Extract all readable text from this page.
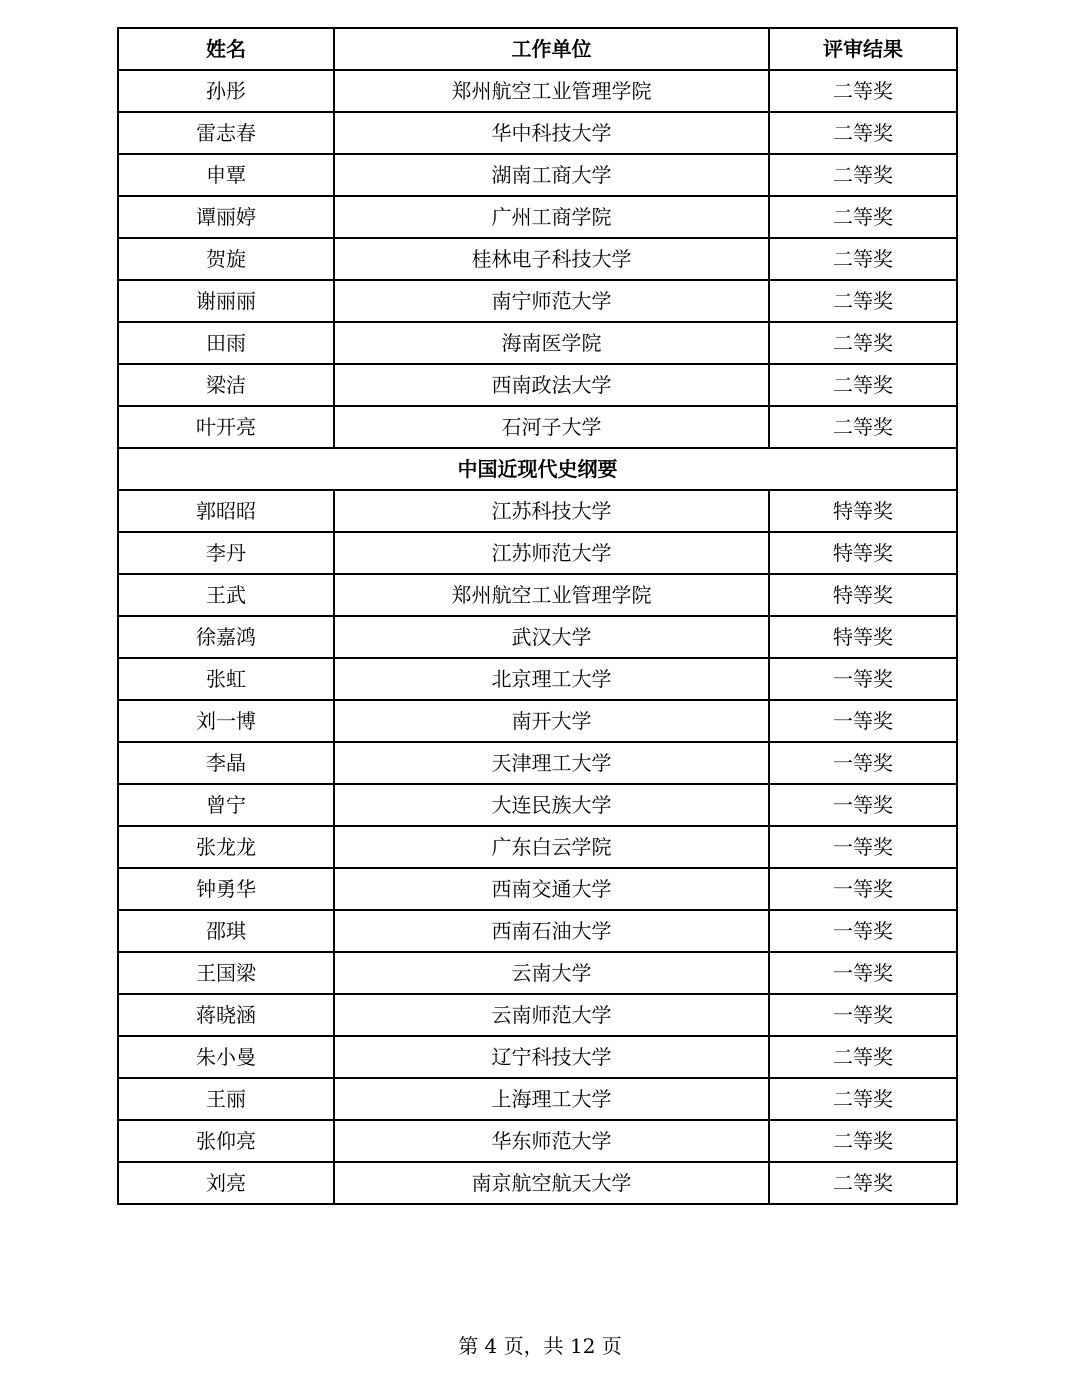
姓名	工作单位	评审结果
孙彤	郑州航空工业管理学院	二等奖
雷志春	华中科技大学	二等奖
申覃	湖南工商大学	二等奖
谭丽婷	广州工商学院	二等奖
贺旋	桂林电子科技大学	二等奖
谢丽丽	南宁师范大学	二等奖
田雨	海南医学院	二等奖
梁洁	西南政法大学	二等奖
叶开亮	石河子大学	二等奖
中国近现代史纲要		
郭昭昭	江苏科技大学	特等奖
李丹	江苏师范大学	特等奖
王武	郑州航空工业管理学院	特等奖
徐嘉鸿	武汉大学	特等奖
张虹	北京理工大学	一等奖
刘一博	南开大学	一等奖
李晶	天津理工大学	一等奖
曾宁	大连民族大学	一等奖
张龙龙	广东白云学院	一等奖
钟勇华	西南交通大学	一等奖
邵琪	西南石油大学	一等奖
王国梁	云南大学	一等奖
蒋晓涵	云南师范大学	一等奖
朱小曼	辽宁科技大学	二等奖
王丽	上海理工大学	二等奖
张仰亮	华东师范大学	二等奖
刘亮	南京航空航天大学	二等奖
第 4 页，共 12 页
